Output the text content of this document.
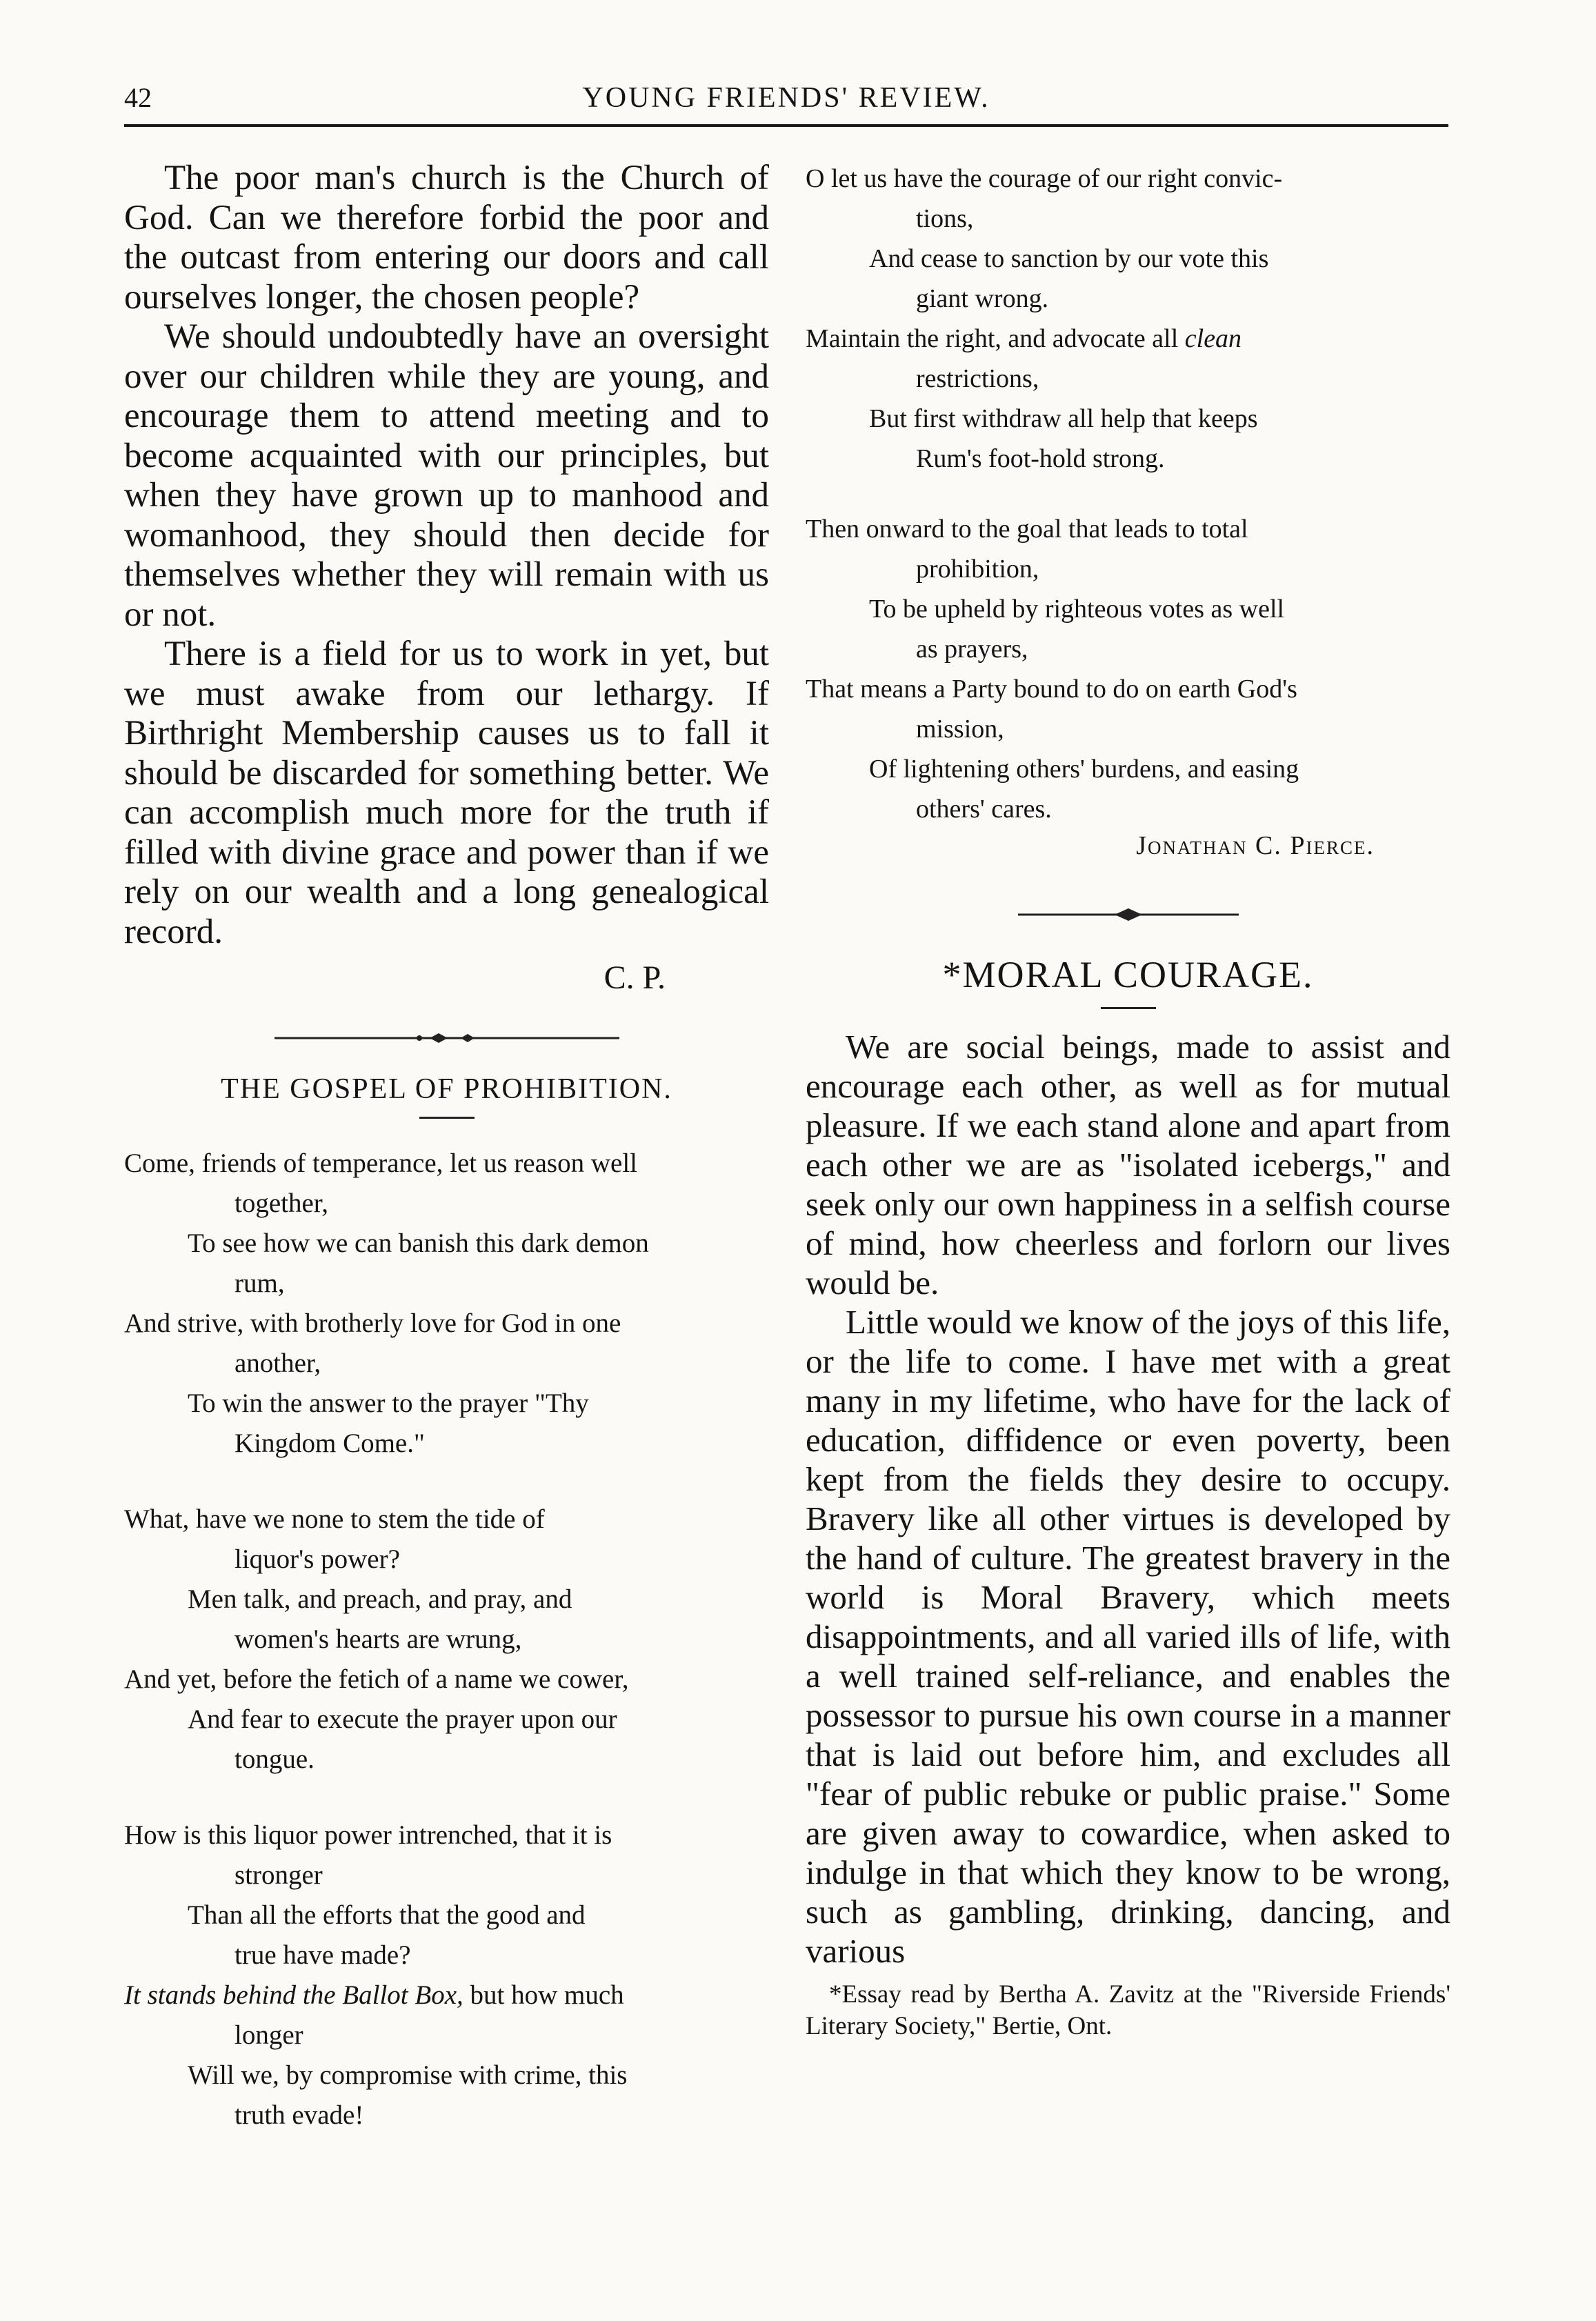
42	YOUNG FRIENDS' REVIEW.

The poor man's church is the Church of God. Can we therefore forbid the poor and the outcast from entering our doors and call ourselves longer, the chosen people?

We should undoubtedly have an oversight over our children while they are young, and encourage them to attend meeting and to become acquainted with our principles, but when they have grown up to manhood and womanhood, they should then decide for themselves whether they will remain with us or not.

There is a field for us to work in yet, but we must awake from our lethargy. If Birthright Membership causes us to fall it should be discarded for something better. We can accomplish much more for the truth if filled with divine grace and power than if we rely on our wealth and a long genealogical record.

C. P.
THE GOSPEL OF PROHIBITION.
Come, friends of temperance, let us reason well
together,
To see how we can banish this dark demon
rum,
And strive, with brotherly love for God in one
another,
To win the answer to the prayer "Thy
Kingdom Come."
What, have we none to stem the tide of
liquor's power?
Men talk, and preach, and pray, and
women's hearts are wrung,
And yet, before the fetich of a name we cower,
And fear to execute the prayer upon our
tongue.
How is this liquor power intrenched, that it is
stronger
Than all the efforts that the good and
true have made?
It stands behind the Ballot Box, but how much
longer
Will we, by compromise with crime, this
truth evade!
O let us have the courage of our right convic-
tions,
And cease to sanction by our vote this
giant wrong.
Maintain the right, and advocate all clean
restrictions,
But first withdraw all help that keeps
Rum's foot-hold strong.
Then onward to the goal that leads to total
prohibition,
To be upheld by righteous votes as well
as prayers,
That means a Party bound to do on earth God's
mission,
Of lightening others' burdens, and easing
others' cares.
Jonathan C. Pierce.
*MORAL COURAGE.

We are social beings, made to assist and encourage each other, as well as for mutual pleasure. If we each stand alone and apart from each other we are as "isolated icebergs," and seek only our own happiness in a selfish course of mind, how cheerless and forlorn our lives would be.

Little would we know of the joys of this life, or the life to come. I have met with a great many in my lifetime, who have for the lack of education, diffidence or even poverty, been kept from the fields they desire to occupy. Bravery like all other virtues is developed by the hand of culture. The greatest bravery in the world is Moral Bravery, which meets disappointments, and all varied ills of life, with a well trained self-reliance, and enables the possessor to pursue his own course in a manner that is laid out before him, and excludes all "fear of public rebuke or public praise." Some are given away to cowardice, when asked to indulge in that which they know to be wrong, such as gambling, drinking, dancing, and various

*Essay read by Bertha A. Zavitz at the "Riverside Friends' Literary Society," Bertie, Ont.
